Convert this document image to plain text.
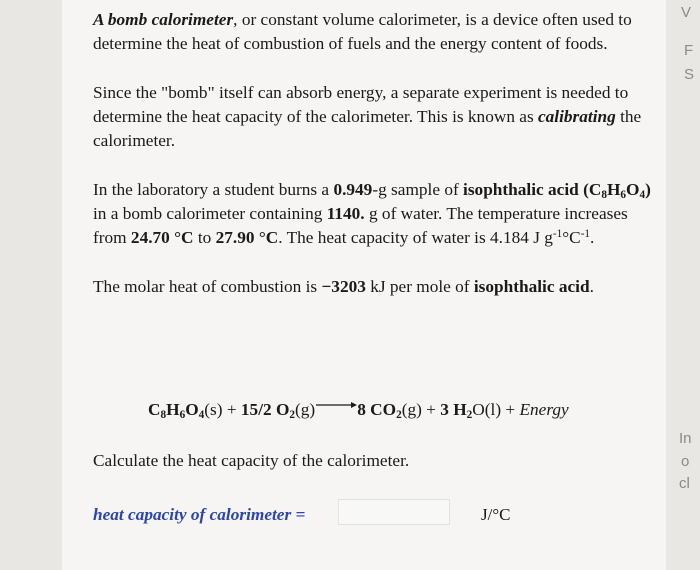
A bomb calorimeter, or constant volume calorimeter, is a device often used to determine the heat of combustion of fuels and the energy content of foods.

Since the "bomb" itself can absorb energy, a separate experiment is needed to determine the heat capacity of the calorimeter. This is known as calibrating the calorimeter.

In the laboratory a student burns a 0.949-g sample of isophthalic acid $(C_8H_6O_4)$ in a bomb calorimeter containing 1140. g of water. The temperature increases from 24.70 °C to 27.90 °C. The heat capacity of water is 4.184 J $g^{-1}^\circ C^{-1}$.

The molar heat of combustion is −3203 kJ per mole of isophthalic acid.

$C_8H_6O_4(s) + 15/2$ $O_2(g)\to 8$ $CO_2(g) + 3$ $H_2O(l)$ + Energy
Calculate the heat capacity of the calorimeter.
heat capacity of calorimeter =	J/°C
V
F
S
In
o
cl
